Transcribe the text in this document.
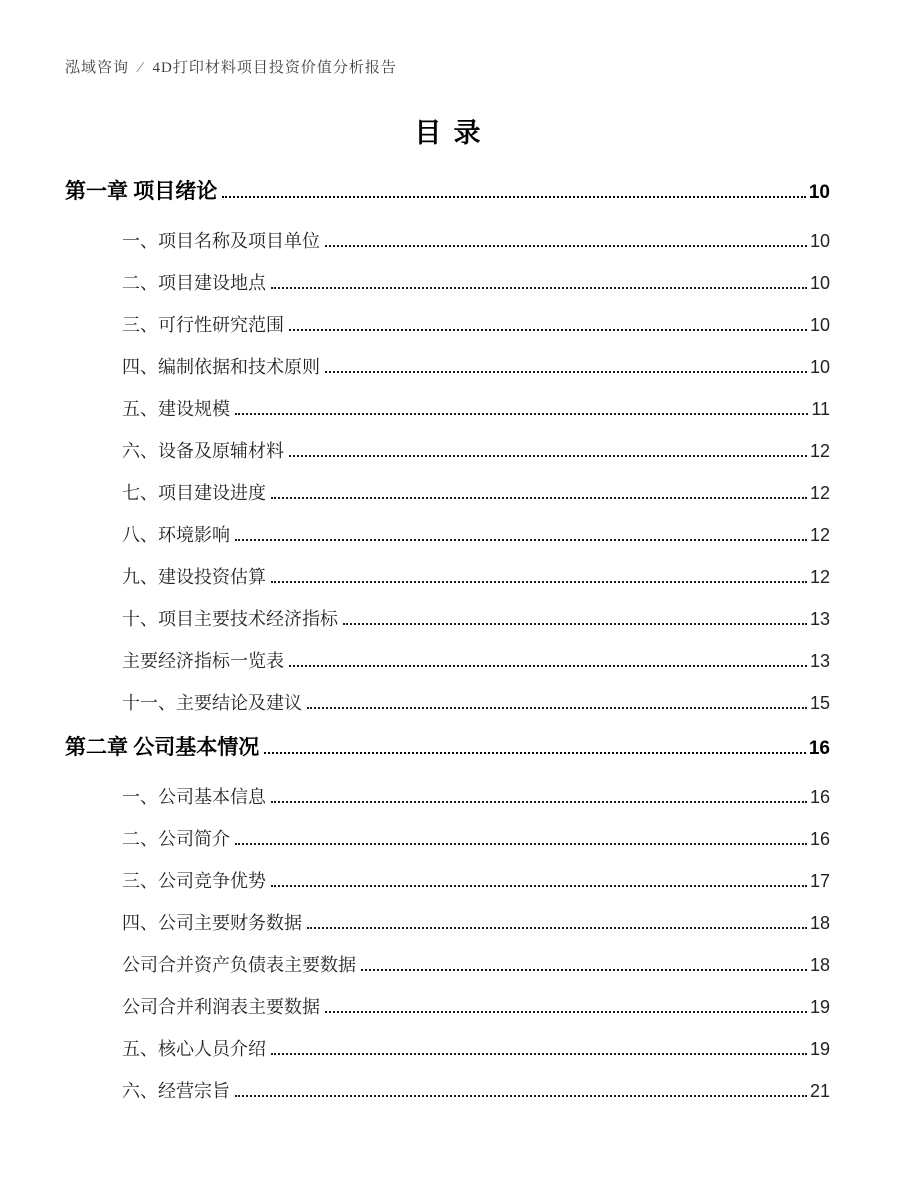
泓域咨询 ∕ 4D打印材料项目投资价值分析报告
目录
第一章 项目绪论	10
一、项目名称及项目单位	10
二、项目建设地点	10
三、可行性研究范围	10
四、编制依据和技术原则	10
五、建设规模	11
六、设备及原辅材料	12
七、项目建设进度	12
八、环境影响	12
九、建设投资估算	12
十、项目主要技术经济指标	13
主要经济指标一览表	13
十一、主要结论及建议	15
第二章 公司基本情况	16
一、公司基本信息	16
二、公司简介	16
三、公司竞争优势	17
四、公司主要财务数据	18
公司合并资产负债表主要数据	18
公司合并利润表主要数据	19
五、核心人员介绍	19
六、经营宗旨	21
